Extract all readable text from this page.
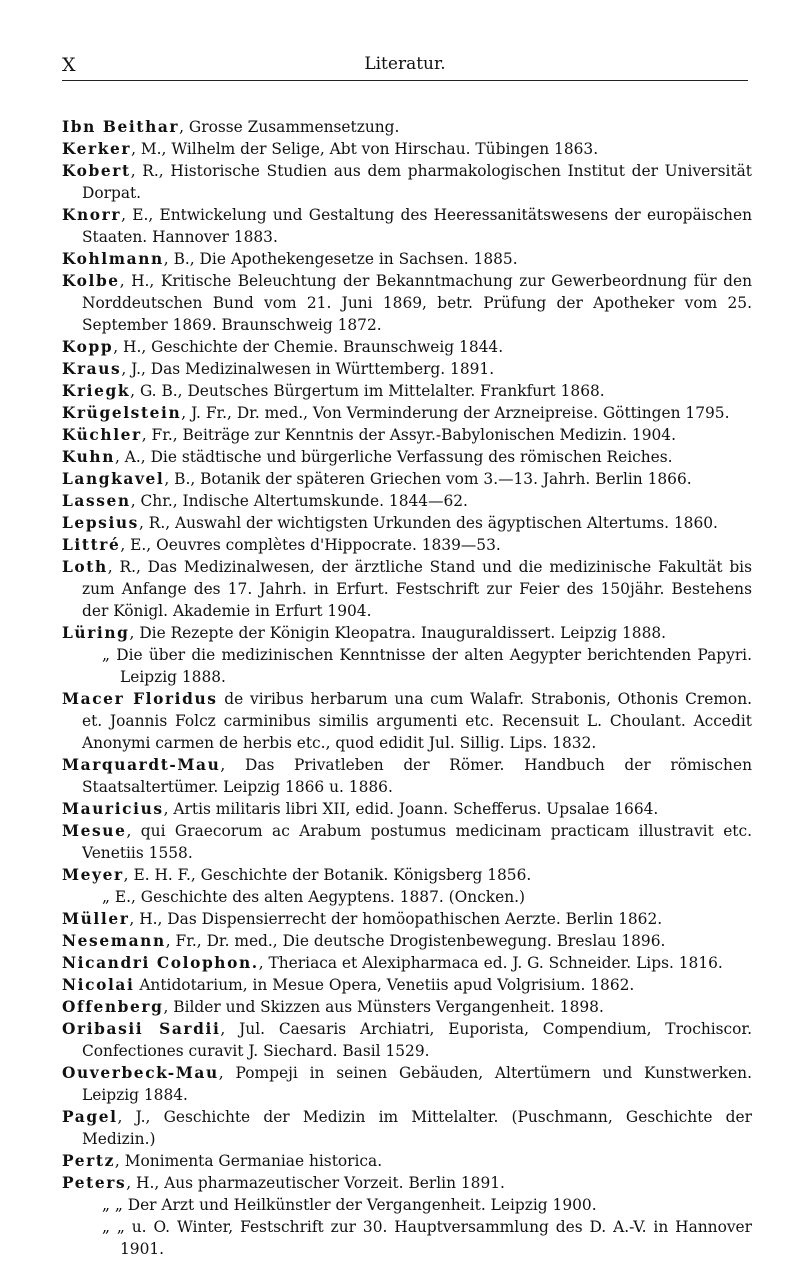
X	Literatur.
Ibn Beithar, Grosse Zusammensetzung.
Kerker, M., Wilhelm der Selige, Abt von Hirschau. Tübingen 1863.
Kobert, R., Historische Studien aus dem pharmakologischen Institut der Universität Dorpat.
Knorr, E., Entwickelung und Gestaltung des Heeressanitätswesens der europäischen Staaten. Hannover 1883.
Kohlmann, B., Die Apothekengesetze in Sachsen. 1885.
Kolbe, H., Kritische Beleuchtung der Bekanntmachung zur Gewerbeordnung für den Norddeutschen Bund vom 21. Juni 1869, betr. Prüfung der Apotheker vom 25. September 1869. Braunschweig 1872.
Kopp, H., Geschichte der Chemie. Braunschweig 1844.
Kraus, J., Das Medizinalwesen in Württemberg. 1891.
Kriegk, G. B., Deutsches Bürgertum im Mittelalter. Frankfurt 1868.
Krügelstein, J. Fr., Dr. med., Von Verminderung der Arzneipreise. Göttingen 1795.
Küchler, Fr., Beiträge zur Kenntnis der Assyr.-Babylonischen Medizin. 1904.
Kuhn, A., Die städtische und bürgerliche Verfassung des römischen Reiches.
Langkavel, B., Botanik der späteren Griechen vom 3.—13. Jahrh. Berlin 1866.
Lassen, Chr., Indische Altertumskunde. 1844—62.
Lepsius, R., Auswahl der wichtigsten Urkunden des ägyptischen Altertums. 1860.
Littré, E., Oeuvres complètes d'Hippocrate. 1839—53.
Loth, R., Das Medizinalwesen, der ärztliche Stand und die medizinische Fakultät bis zum Anfange des 17. Jahrh. in Erfurt. Festschrift zur Feier des 150jähr. Bestehens der Königl. Akademie in Erfurt 1904.
Lüring, Die Rezepte der Königin Kleopatra. Inauguraldissert. Leipzig 1888.
„ Die über die medizinischen Kenntnisse der alten Aegypter berichtenden Papyri. Leipzig 1888.
Macer Floridus de viribus herbarum una cum Walafr. Strabonis, Othonis Cremon. et. Joannis Folcz carminibus similis argumenti etc. Recensuit L. Choulant. Accedit Anonymi carmen de herbis etc., quod edidit Jul. Sillig. Lips. 1832.
Marquardt-Mau, Das Privatleben der Römer. Handbuch der römischen Staatsaltertümer. Leipzig 1866 u. 1886.
Mauricius, Artis militaris libri XII, edid. Joann. Schefferus. Upsalae 1664.
Mesue, qui Graecorum ac Arabum postumus medicinam practicam illustravit etc. Venetiis 1558.
Meyer, E. H. F., Geschichte der Botanik. Königsberg 1856.
„ E., Geschichte des alten Aegyptens. 1887. (Oncken.)
Müller, H., Das Dispensierrecht der homöopathischen Aerzte. Berlin 1862.
Nesemann, Fr., Dr. med., Die deutsche Drogistenbewegung. Breslau 1896.
Nicandri Colophon., Theriaca et Alexipharmaca ed. J. G. Schneider. Lips. 1816.
Nicolai Antidotarium, in Mesue Opera, Venetiis apud Volgrisium. 1862.
Offenberg, Bilder und Skizzen aus Münsters Vergangenheit. 1898.
Oribasii Sardii, Jul. Caesaris Archiatri, Euporista, Compendium, Trochiscor. Confectiones curavit J. Siechard. Basil 1529.
Ouverbeck-Mau, Pompeji in seinen Gebäuden, Altertümern und Kunstwerken. Leipzig 1884.
Pagel, J., Geschichte der Medizin im Mittelalter. (Puschmann, Geschichte der Medizin.)
Pertz, Monimenta Germaniae historica.
Peters, H., Aus pharmazeutischer Vorzeit. Berlin 1891.
„ „ Der Arzt und Heilkünstler der Vergangenheit. Leipzig 1900.
„ „ u. O. Winter, Festschrift zur 30. Hauptversammlung des D. A.-V. in Hannover 1901.
